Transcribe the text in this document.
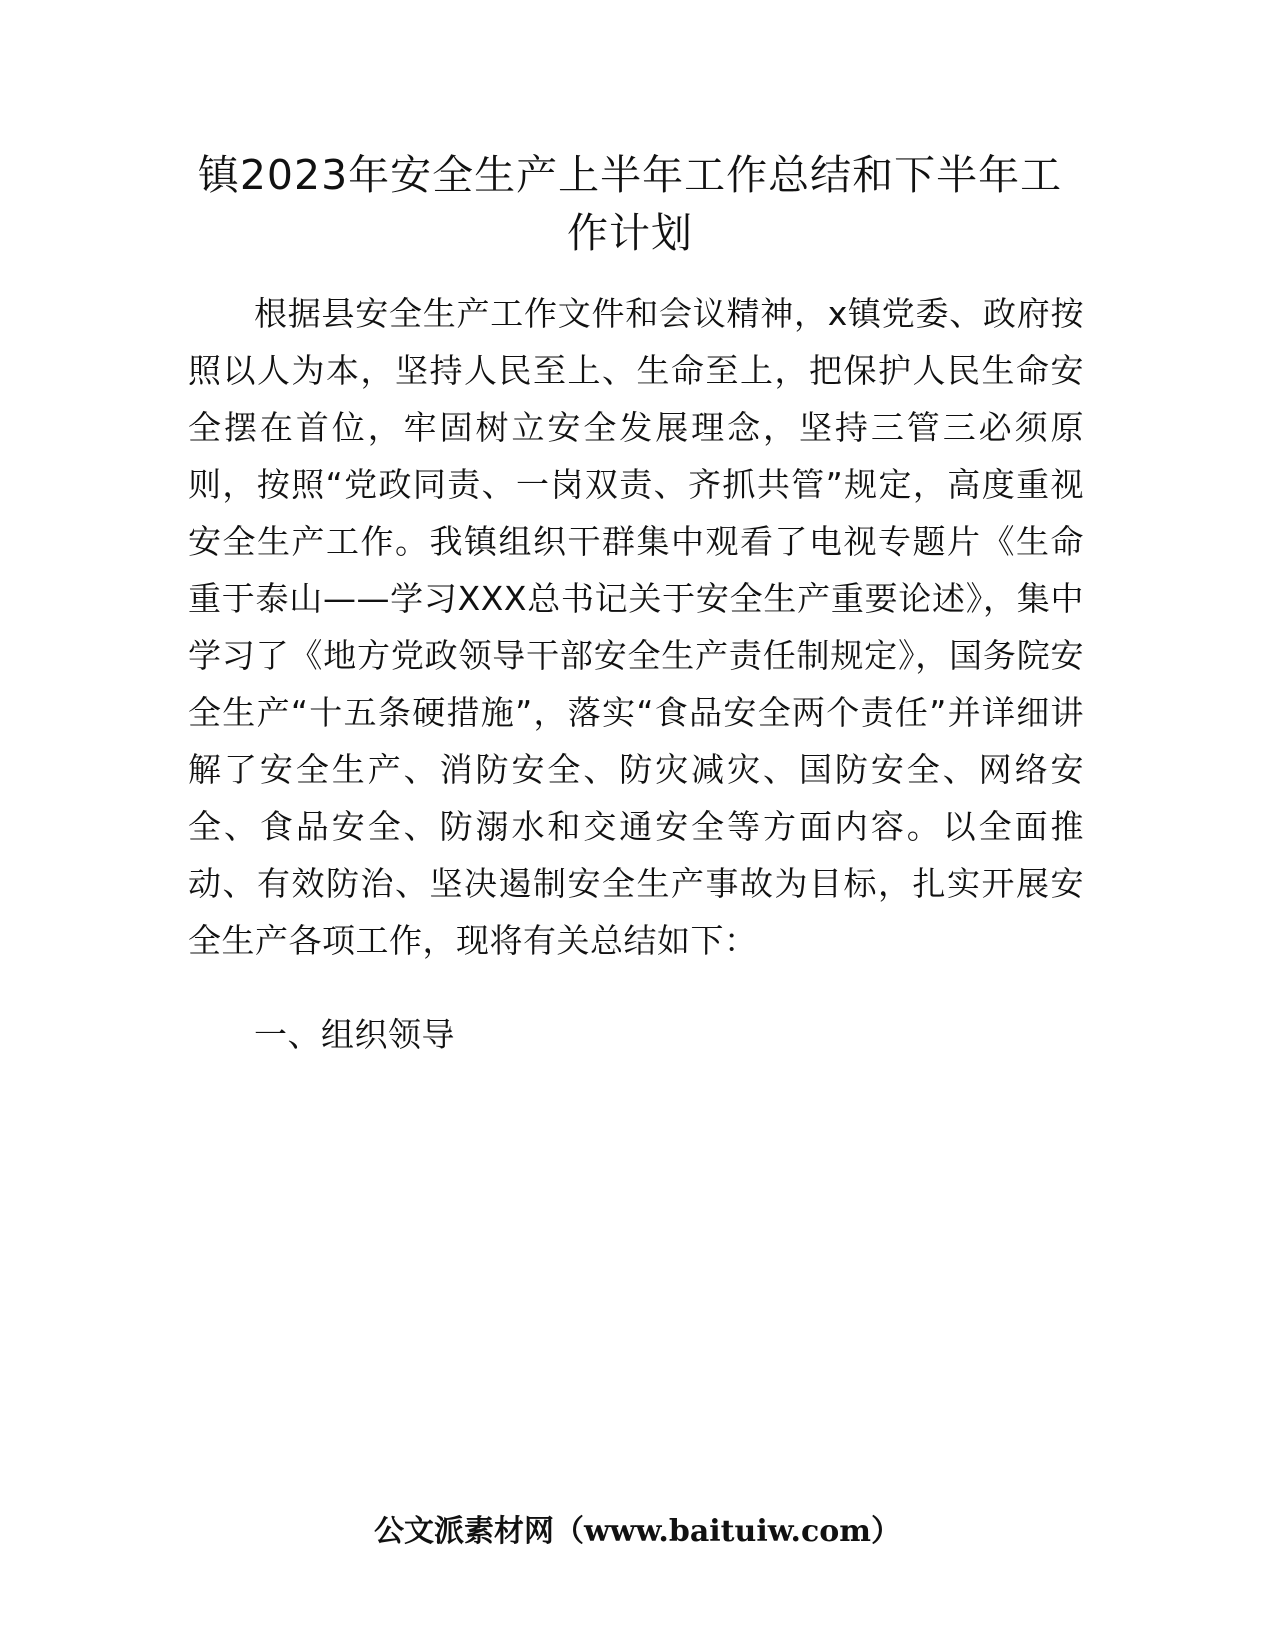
镇2023年安全生产上半年工作总结和下半年工作计划

根据县安全生产工作文件和会议精神，x镇党委、政府按照以人为本，坚持人民至上、生命至上，把保护人民生命安全摆在首位，牢固树立安全发展理念，坚持三管三必须原则，按照“党政同责、一岗双责、齐抓共管”规定，高度重视安全生产工作。我镇组织干群集中观看了电视专题片《生命重于泰山——学习XXX总书记关于安全生产重要论述》，集中学习了《地方党政领导干部安全生产责任制规定》，国务院安全生产“十五条硬措施”，落实“食品安全两个责任”并详细讲解了安全生产、消防安全、防灾减灾、国防安全、网络安全、食品安全、防溺水和交通安全等方面内容。以全面推动、有效防治、坚决遏制安全生产事故为目标，扎实开展安全生产各项工作，现将有关总结如下：

一、组织领导

公文派素材网（www.baituiw.com）
